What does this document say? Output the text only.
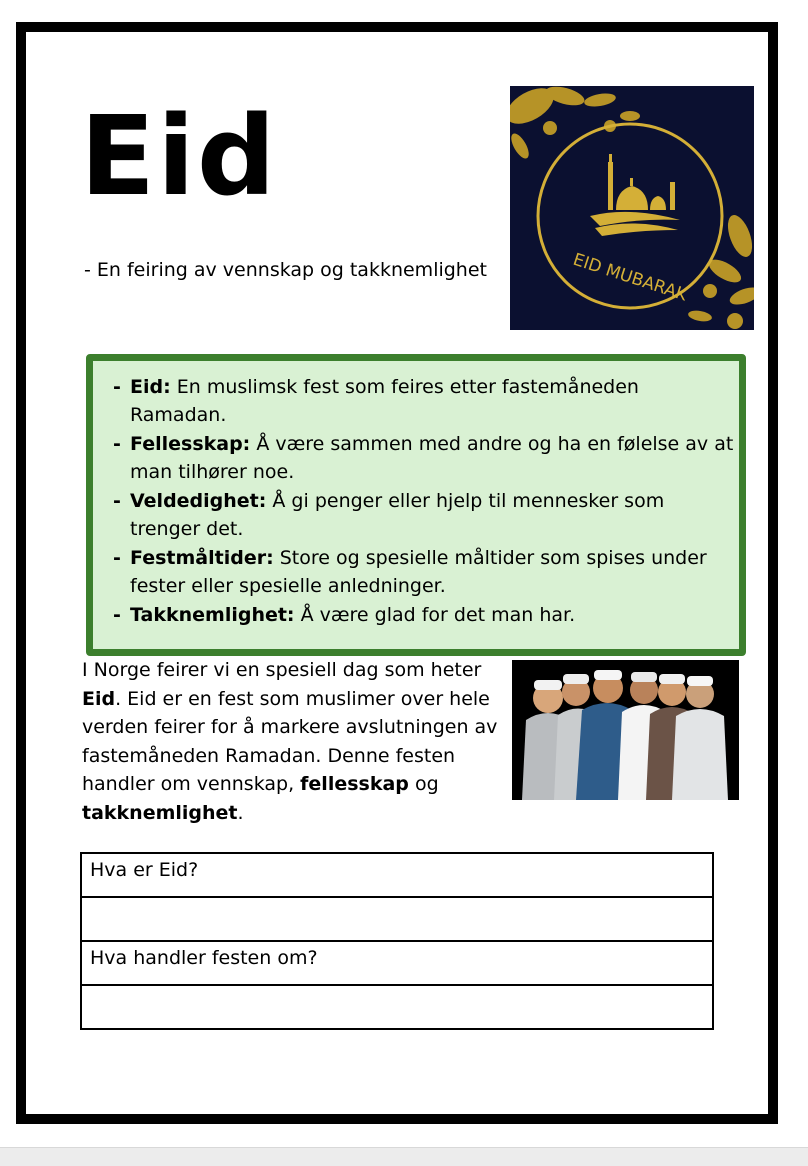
Eid

- En feiring av vennskap og takknemlighet	EID MUBARAK
- Eid: En muslimsk fest som feires etter fastemåneden Ramadan.
- Fellesskap: Å være sammen med andre og ha en følelse av at man tilhører noe.
- Veldedighet: Å gi penger eller hjelp til mennesker som trenger det.
- Festmåltider: Store og spesielle måltider som spises under fester eller spesielle anledninger.
- Takknemlighet: Å være glad for det man har.

I Norge feirer vi en spesiell dag som heter Eid. Eid er en fest som muslimer over hele verden feirer for å markere avslutningen av fastemåneden Ramadan. Denne festen handler om vennskap, fellesskap og takknemlighet.

Hva er Eid?

Hva handler festen om?
